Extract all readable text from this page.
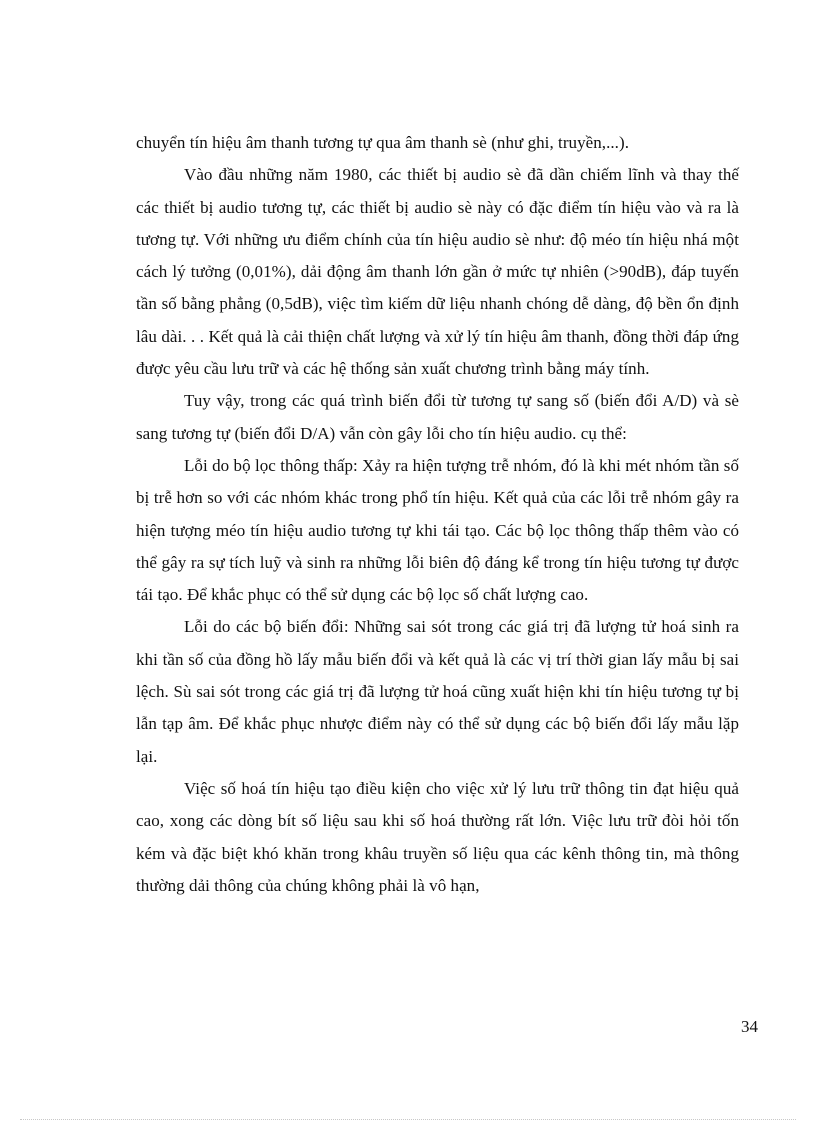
chuyển tín hiệu âm thanh tương tự qua âm thanh sè (như ghi, truyền,...).

Vào đầu những năm 1980, các thiết bị audio sè đã dần chiếm lĩnh và thay thế các thiết bị audio tương tự, các thiết bị audio sè này có đặc điểm tín hiệu vào và ra là tương tự. Với những ưu điểm chính của tín hiệu audio sè như: độ méo tín hiệu nhá một cách lý tưởng (0,01%), dải động âm thanh lớn gần ở mức tự nhiên (>90dB), đáp tuyến tần số bằng phẳng (0,5dB), việc tìm kiếm dữ liệu nhanh chóng dễ dàng, độ bền ổn định lâu dài. . . Kết quả là cải thiện chất lượng và xử lý tín hiệu âm thanh, đồng thời đáp ứng được yêu cầu lưu trữ và các hệ thống sản xuất chương trình bằng máy tính.

Tuy vậy, trong các quá trình biến đổi từ tương tự sang số (biến đổi A/D) và sè sang tương tự (biến đổi D/A) vẫn còn gây lỗi cho tín hiệu audio. cụ thể:

Lỗi do bộ lọc thông thấp: Xảy ra hiện tượng trễ nhóm, đó là khi mét nhóm tần số bị trễ hơn so với các nhóm khác trong phổ tín hiệu. Kết quả của các lỗi trễ nhóm gây ra hiện tượng méo tín hiệu audio tương tự khi tái tạo. Các bộ lọc thông thấp thêm vào có thể gây ra sự tích luỹ và sinh ra những lỗi biên độ đáng kể trong tín hiệu tương tự được tái tạo. Để khắc phục có thể sử dụng các bộ lọc số chất lượng cao.

Lỗi do các bộ biến đổi: Những sai sót trong các giá trị đã lượng tử hoá sinh ra khi tần số của đồng hồ lấy mẫu biến đổi và kết quả là các vị trí thời gian lấy mẫu bị sai lệch. Sù sai sót trong các giá trị đã lượng tử hoá cũng xuất hiện khi tín hiệu tương tự bị lẫn tạp âm. Để khắc phục nhược điểm này có thể sử dụng các bộ biến đổi lấy mẫu lặp lại.

Việc số hoá tín hiệu tạo điều kiện cho việc xử lý lưu trữ thông tin đạt hiệu quả cao, xong các dòng bít số liệu sau khi số hoá thường rất lớn. Việc lưu trữ đòi hỏi tốn kém và đặc biệt khó khăn trong khâu truyền số liệu qua các kênh thông tin, mà thông thường dải thông của chúng không phải là vô hạn,

34
